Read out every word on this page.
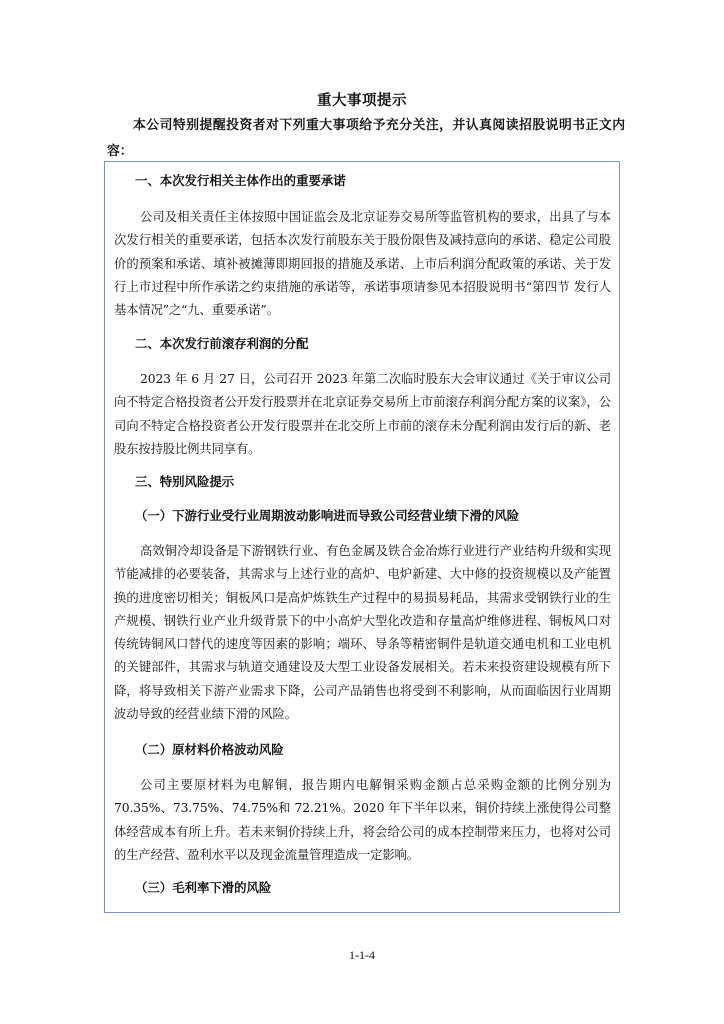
重大事项提示
本公司特别提醒投资者对下列重大事项给予充分关注，并认真阅读招股说明书正文内容：
一、本次发行相关主体作出的重要承诺
公司及相关责任主体按照中国证监会及北京证券交易所等监管机构的要求，出具了与本次发行相关的重要承诺，包括本次发行前股东关于股份限售及减持意向的承诺、稳定公司股价的预案和承诺、填补被摊薄即期回报的措施及承诺、上市后利润分配政策的承诺、关于发行上市过程中所作承诺之约束措施的承诺等，承诺事项请参见本招股说明书“第四节 发行人基本情况”之“九、重要承诺”。
二、本次发行前滚存利润的分配
2023 年 6 月 27 日，公司召开 2023 年第二次临时股东大会审议通过《关于审议公司向不特定合格投资者公开发行股票并在北京证券交易所上市前滚存利润分配方案的议案》，公司向不特定合格投资者公开发行股票并在北交所上市前的滚存未分配利润由发行后的新、老股东按持股比例共同享有。
三、特别风险提示
（一）下游行业受行业周期波动影响进而导致公司经营业绩下滑的风险
高效铜冷却设备是下游钢铁行业、有色金属及铁合金冶炼行业进行产业结构升级和实现节能减排的必要装备，其需求与上述行业的高炉、电炉新建、大中修的投资规模以及产能置换的进度密切相关；铜板风口是高炉炼铁生产过程中的易损易耗品，其需求受钢铁行业的生产规模、钢铁行业产业升级背景下的中小高炉大型化改造和存量高炉维修进程、铜板风口对传统铸铜风口替代的速度等因素的影响；端环、导条等精密铜件是轨道交通电机和工业电机的关键部件，其需求与轨道交通建设及大型工业设备发展相关。若未来投资建设规模有所下降，将导致相关下游产业需求下降，公司产品销售也将受到不利影响，从而面临因行业周期波动导致的经营业绩下滑的风险。
（二）原材料价格波动风险
公司主要原材料为电解铜，报告期内电解铜采购金额占总采购金额的比例分别为 70.35%、73.75%、74.75%和 72.21%。2020 年下半年以来，铜价持续上涨使得公司整体经营成本有所上升。若未来铜价持续上升，将会给公司的成本控制带来压力，也将对公司的生产经营、盈利水平以及现金流量管理造成一定影响。
（三）毛利率下滑的风险
1-1-4
